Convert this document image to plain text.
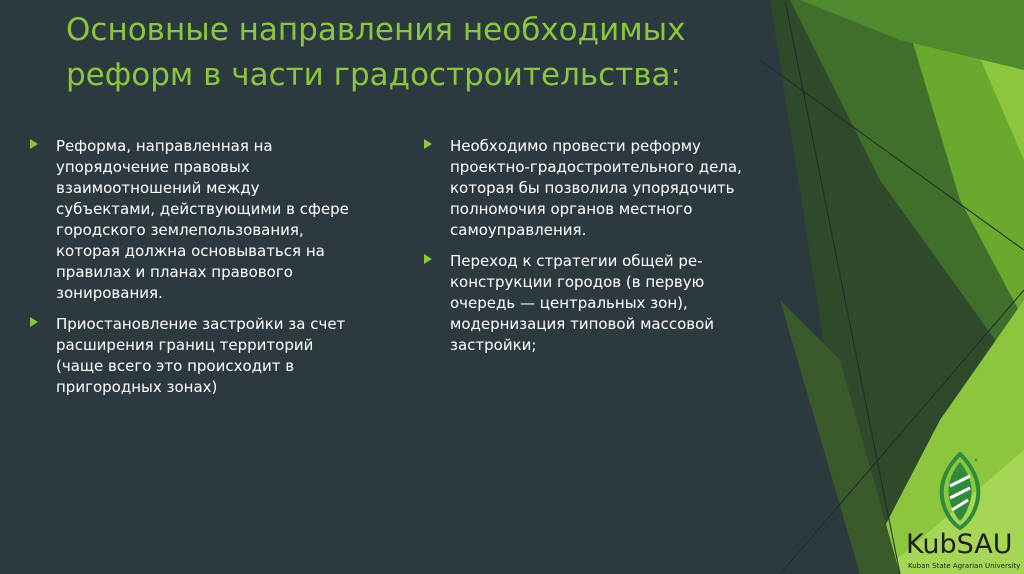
Основные направления необходимых
реформ в части градостроительства:
Реформа, направленная на упорядочение правовых взаимоотношений между субъектами, действующими в сфере городского землепользования, которая должна основываться на правилах и планах правового зонирования.
Приостановление застройки за счет расширения границ территорий (чаще всего это происходит в пригородных зонах)
Необходимо провести реформу проектно-градостроительного дела, которая бы позволила упорядочить полномочия органов местного самоуправления.
Переход к стратегии общей ре-конструкции городов (в первую очередь — центральных зон), модернизация типовой массовой застройки;
KubSAU
Kuban State Agrarian University
